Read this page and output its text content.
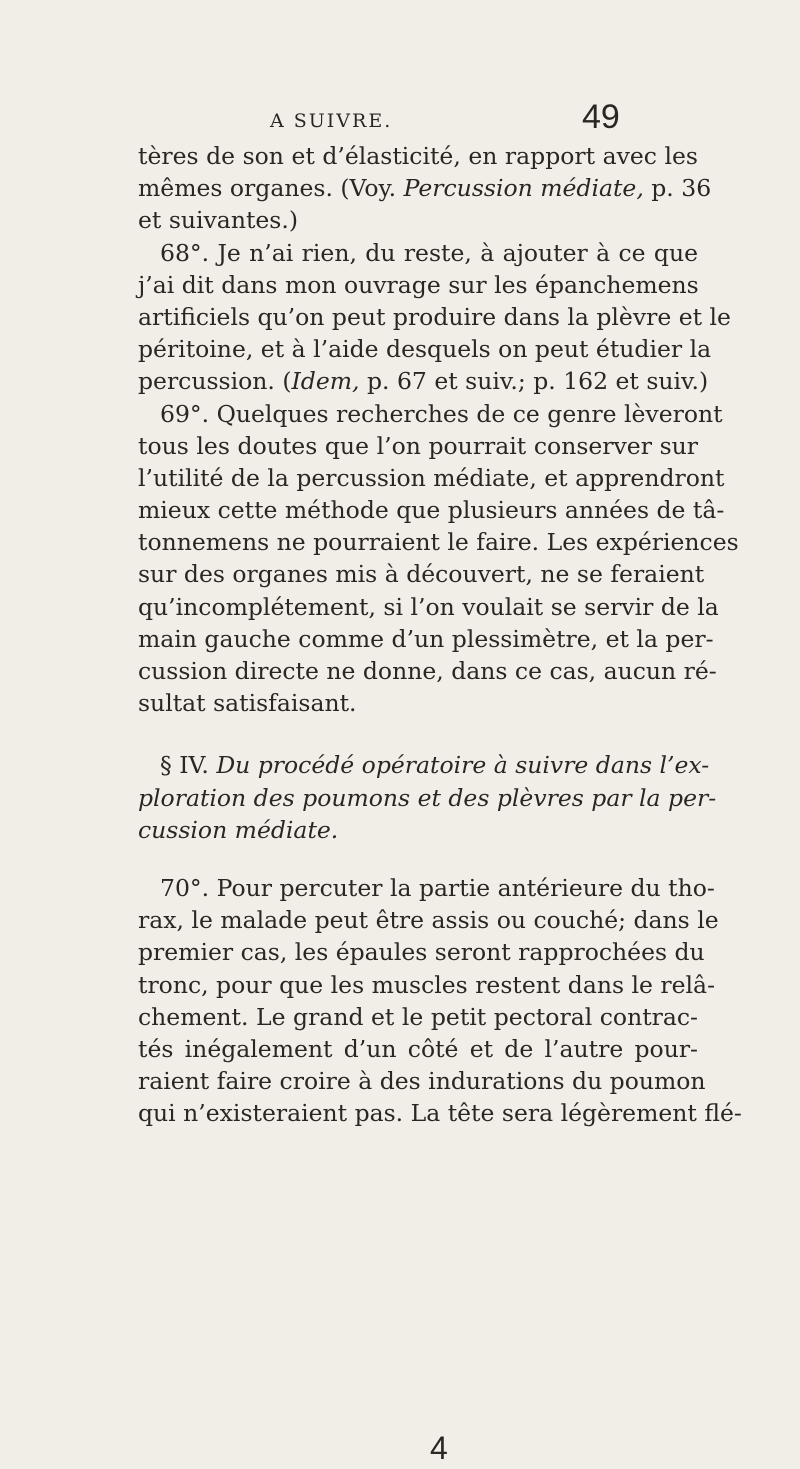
A SUIVRE.	49
tères de son et d’élasticité, en rapport avec les
mêmes organes. (Voy. Percussion médiate, p. 36
et suivantes.)
68°. Je n’ai rien, du reste, à ajouter à ce que
j’ai dit dans mon ouvrage sur les épanchemens
artificiels qu’on peut produire dans la plèvre et le
péritoine, et à l’aide desquels on peut étudier la
percussion. (Idem, p. 67 et suiv.; p. 162 et suiv.)
69°. Quelques recherches de ce genre lèveront
tous les doutes que l’on pourrait conserver sur
l’utilité de la percussion médiate, et apprendront
mieux cette méthode que plusieurs années de tâ-
tonnemens ne pourraient le faire. Les expériences
sur des organes mis à découvert, ne se feraient
qu’incomplétement, si l’on voulait se servir de la
main gauche comme d’un plessimètre, et la per-
cussion directe ne donne, dans ce cas, aucun ré-
sultat satisfaisant.
§ IV. Du procédé opératoire à suivre dans l’ex-
ploration des poumons et des plèvres par la per-
cussion médiate.
70°. Pour percuter la partie antérieure du tho-
rax, le malade peut être assis ou couché; dans le
premier cas, les épaules seront rapprochées du
tronc, pour que les muscles restent dans le relâ-
chement. Le grand et le petit pectoral contrac-
tés inégalement d’un côté et de l’autre pour-
raient faire croire à des indurations du poumon
qui n’existeraient pas. La tête sera légèrement flé-
4
